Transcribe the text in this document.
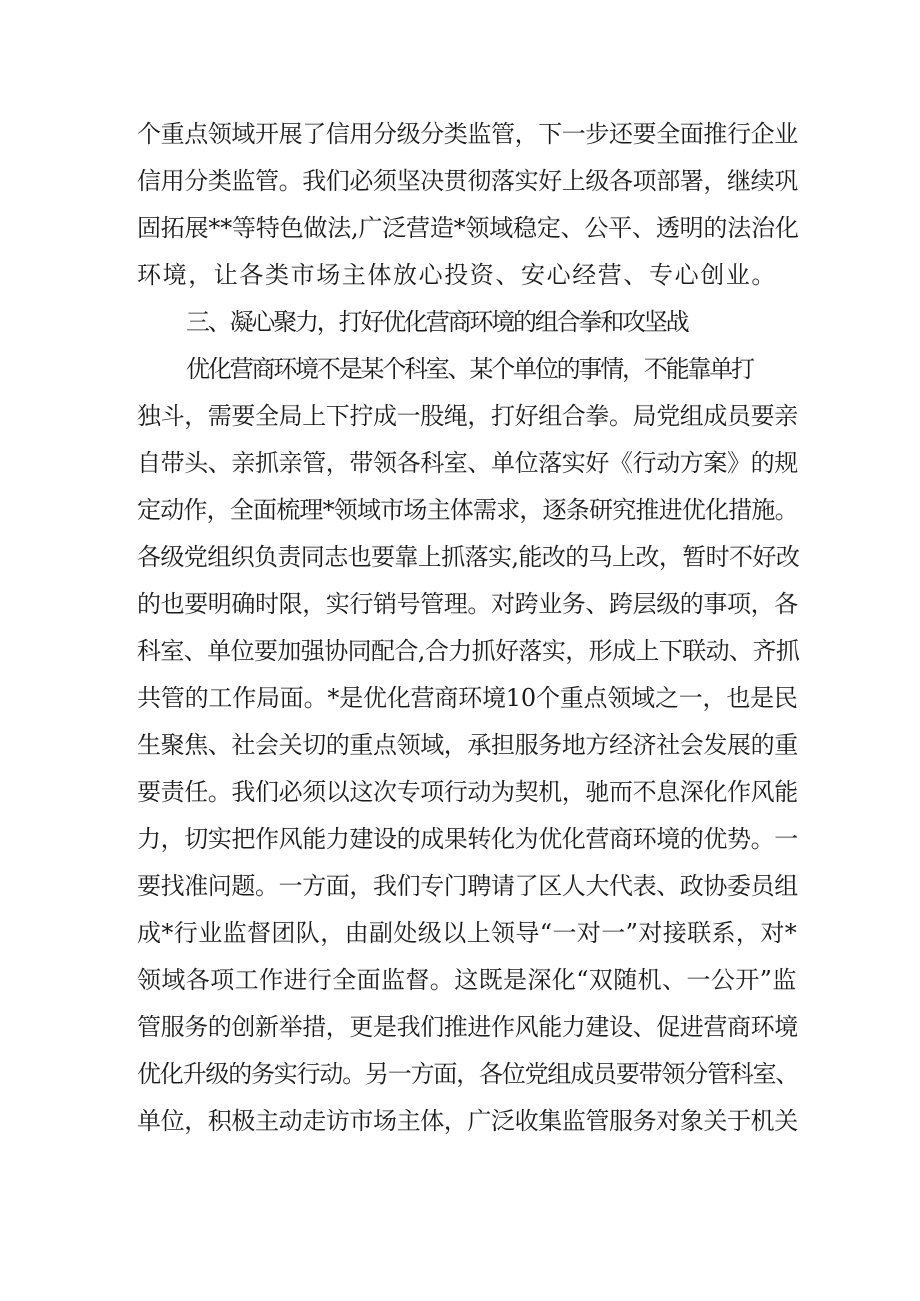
个重点领域开展了信用分级分类监管，下一步还要全面推行企业

信用分类监管。我们必须坚决贯彻落实好上级各项部署，继续巩

固拓展**等特色做法,广泛营造*领域稳定、公平、透明的法治化

环境，让各类市场主体放心投资、安心经营、专心创业。

三、凝心聚力，打好优化营商环境的组合拳和攻坚战

优化营商环境不是某个科室、某个单位的事情，不能靠单打

独斗，需要全局上下拧成一股绳，打好组合拳。局党组成员要亲

自带头、亲抓亲管，带领各科室、单位落实好《行动方案》的规

定动作，全面梳理*领域市场主体需求，逐条研究推进优化措施。

各级党组织负责同志也要靠上抓落实,能改的马上改，暂时不好改

的也要明确时限，实行销号管理。对跨业务、跨层级的事项，各

科室、单位要加强协同配合,合力抓好落实，形成上下联动、齐抓

共管的工作局面。*是优化营商环境10个重点领域之一，也是民

生聚焦、社会关切的重点领域，承担服务地方经济社会发展的重

要责任。我们必须以这次专项行动为契机，驰而不息深化作风能

力，切实把作风能力建设的成果转化为优化营商环境的优势。一

要找准问题。一方面，我们专门聘请了区人大代表、政协委员组

成*行业监督团队，由副处级以上领导“一对一”对接联系，对*

领域各项工作进行全面监督。这既是深化“双随机、一公开”监

管服务的创新举措，更是我们推进作风能力建设、促进营商环境

优化升级的务实行动。另一方面，各位党组成员要带领分管科室、

单位，积极主动走访市场主体，广泛收集监管服务对象关于机关
